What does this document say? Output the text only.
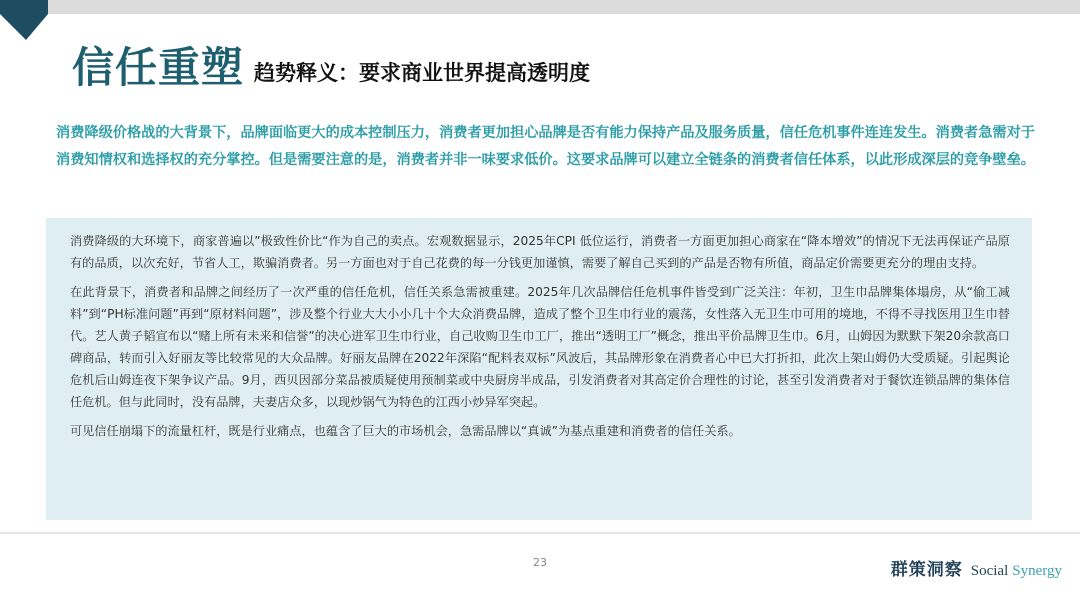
信任重塑 趋势释义：要求商业世界提高透明度
消费降级价格战的大背景下，品牌面临更大的成本控制压力，消费者更加担心品牌是否有能力保持产品及服务质量，信任危机事件连连发生。消费者急需对于消费知情权和选择权的充分掌控。但是需要注意的是，消费者并非一味要求低价。这要求品牌可以建立全链条的消费者信任体系，以此形成深层的竞争壁垒。

消费降级的大环境下，商家普遍以”极致性价比“作为自己的卖点。宏观数据显示，2025年CPI 低位运行，消费者一方面更加担心商家在“降本增效”的情况下无法再保证产品原有的品质，以次充好，节省人工，欺骗消费者。另一方面也对于自己花费的每一分钱更加谨慎，需要了解自己买到的产品是否物有所值，商品定价需要更充分的理由支持。

在此背景下，消费者和品牌之间经历了一次严重的信任危机，信任关系急需被重建。2025年几次品牌信任危机事件皆受到广泛关注：年初，卫生巾品牌集体塌房，从“偷工减料”到“PH标准问题”再到“原材料问题”，涉及整个行业大大小小几十个大众消费品牌，造成了整个卫生巾行业的震荡，女性落入无卫生巾可用的境地，不得不寻找医用卫生巾替代。艺人黄子韬宣布以“赌上所有未来和信誉”的决心进军卫生巾行业，自己收购卫生巾工厂，推出“透明工厂”概念，推出平价品牌卫生巾。6月，山姆因为默默下架20余款高口碑商品，转而引入好丽友等比较常见的大众品牌。好丽友品牌在2022年深陷“配料表双标”风波后，其品牌形象在消费者心中已大打折扣，此次上架山姆仍大受质疑。引起舆论危机后山姆连夜下架争议产品。9月，西贝因部分菜品被质疑使用预制菜或中央厨房半成品，引发消费者对其高定价合理性的讨论，甚至引发消费者对于餐饮连锁品牌的集体信任危机。但与此同时，没有品牌，夫妻店众多，以现炒锅气为特色的江西小炒异军突起。

可见信任崩塌下的流量杠杆，既是行业痛点，也蕴含了巨大的市场机会，急需品牌以“真诚”为基点重建和消费者的信任关系。

23	群策洞察 Social Synergy
